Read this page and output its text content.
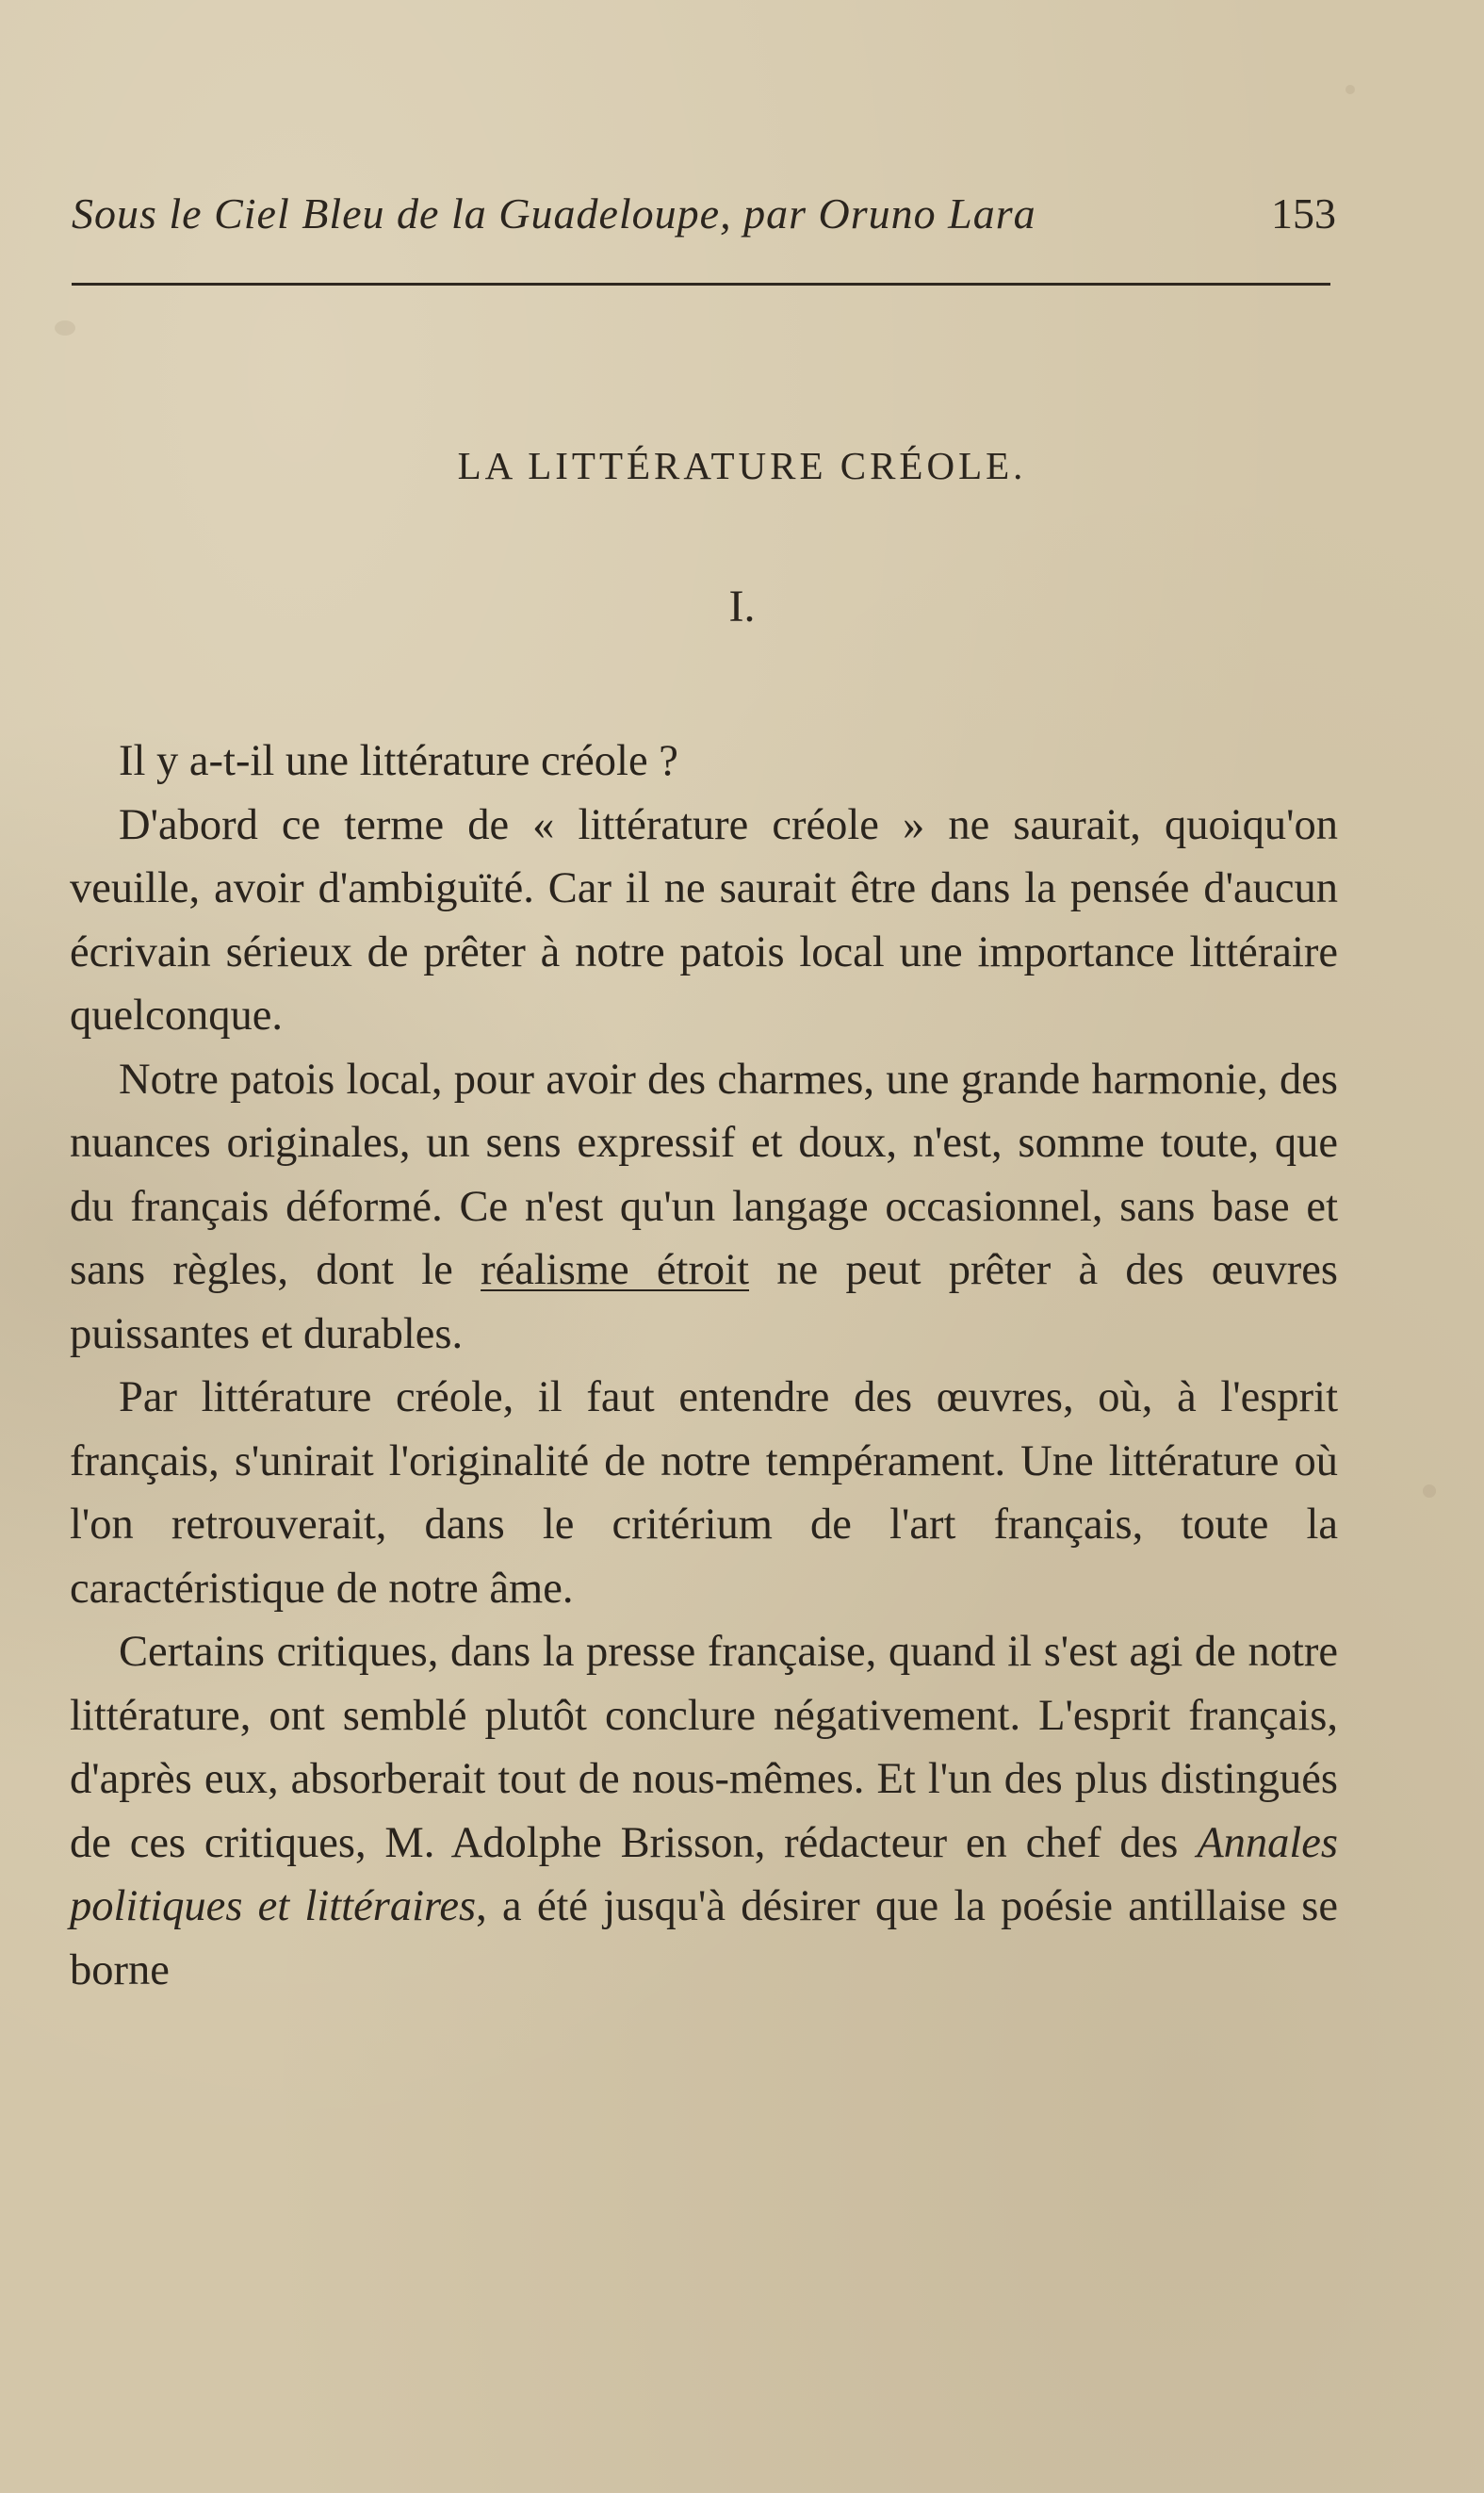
Sous le Ciel Bleu de la Guadeloupe, par Oruno Lara	153
LA LITTÉRATURE CRÉOLE.
I.

Il y a-t-il une littérature créole ?

D'abord ce terme de « littérature créole » ne saurait, quoiqu'on veuille, avoir d'ambiguïté. Car il ne saurait être dans la pensée d'aucun écrivain sérieux de prêter à notre patois local une importance littéraire quelconque.

Notre patois local, pour avoir des charmes, une grande harmonie, des nuances originales, un sens expressif et doux, n'est, somme toute, que du français déformé. Ce n'est qu'un langage occasionnel, sans base et sans règles, dont le réalisme étroit ne peut prêter à des œuvres puissantes et durables.

Par littérature créole, il faut entendre des œuvres, où, à l'esprit français, s'unirait l'originalité de notre tempérament. Une littérature où l'on retrouverait, dans le critérium de l'art français, toute la caractéristique de notre âme.

Certains critiques, dans la presse française, quand il s'est agi de notre littérature, ont semblé plutôt conclure négativement. L'esprit français, d'après eux, absorberait tout de nous-mêmes. Et l'un des plus distingués de ces critiques, M. Adolphe Brisson, rédacteur en chef des Annales politiques et littéraires, a été jusqu'à désirer que la poésie antillaise se borne
